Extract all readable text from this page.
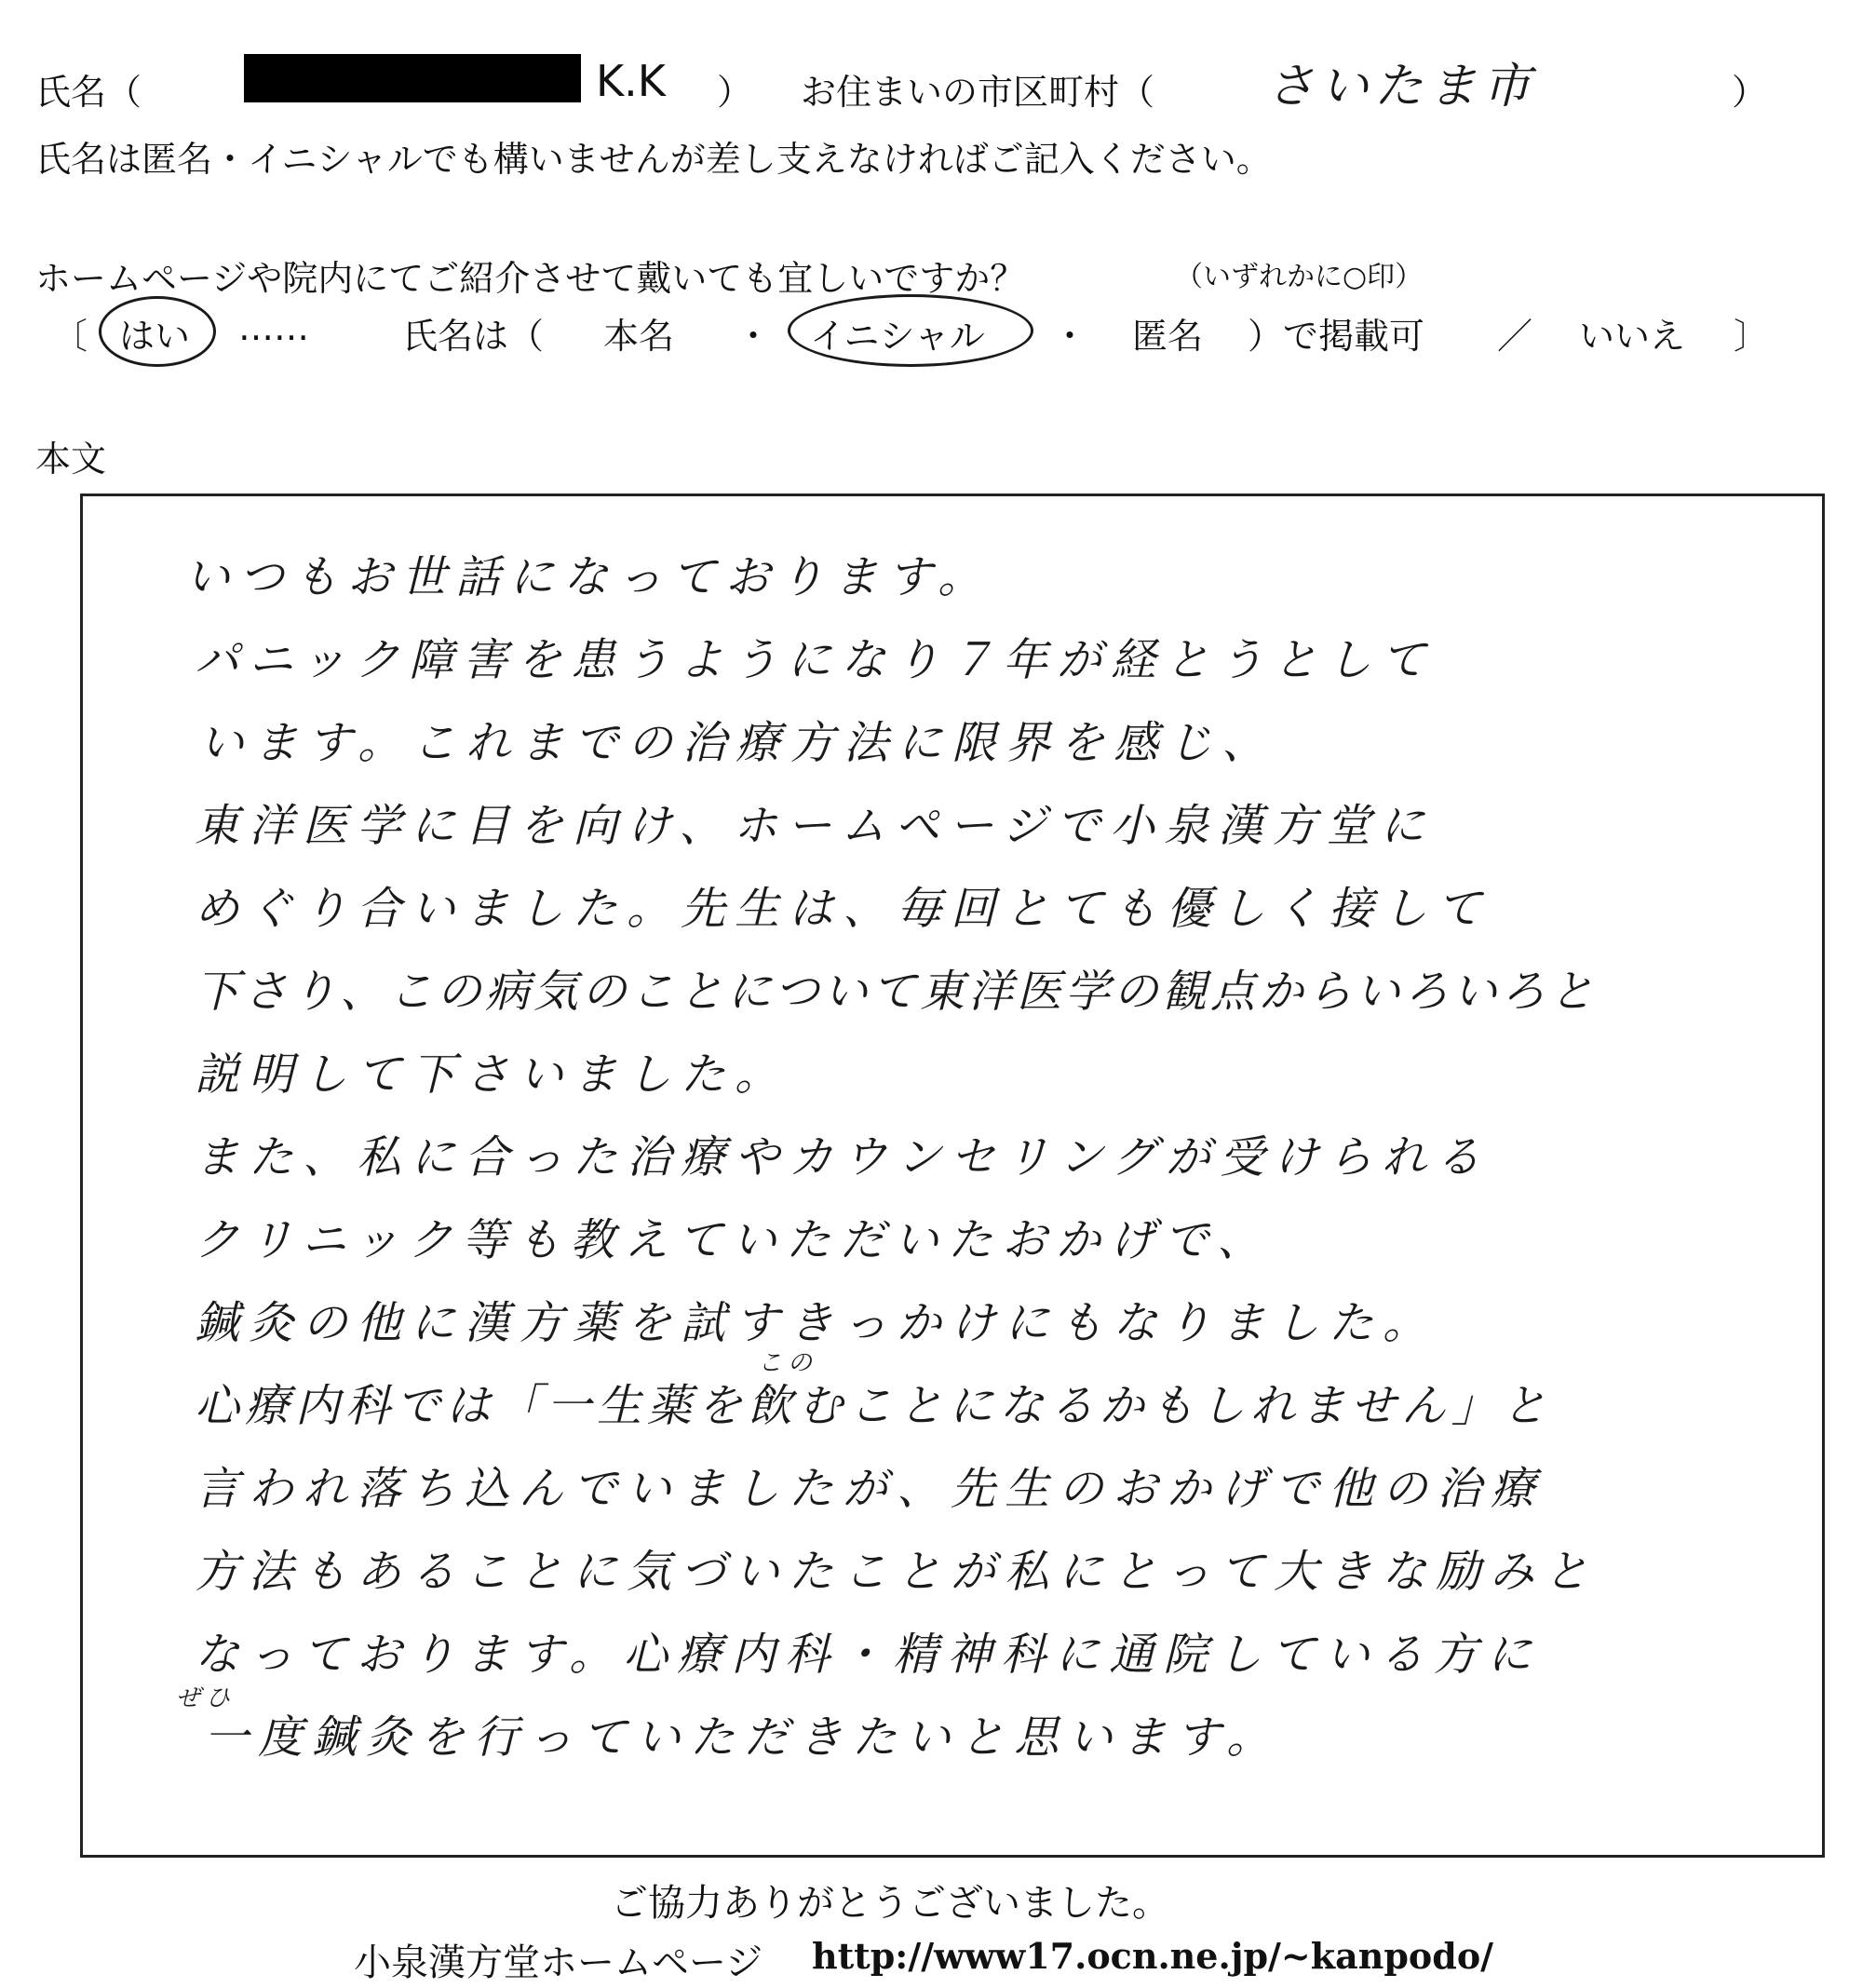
氏名（	K.K ） お住まいの市区町村（ さいたま市	）
氏名は匿名・イニシャルでも構いませんが差し支えなければご記入ください。
ホームページや院内にてご紹介させて戴いても宜しいですか？	（いずれかに○印）
〔 はい ……	氏名は（ 本名 ・ イニシャル ・ 匿名 ）で掲載可 ／ いいえ 〕
本文
いつもお世話になっております。
パニック障害を患うようになり７年が経とうとして
います。これまでの治療方法に限界を感じ、
東洋医学に目を向け、ホームページで小泉漢方堂に
めぐり合いました。先生は、毎回とても優しく接して
下さり、この病気のことについて東洋医学の観点からいろいろと
説明して下さいました。
また、私に合った治療やカウンセリングが受けられる
クリニック等も教えていただいたおかげで、
鍼灸の他に漢方薬を試すきっかけにもなりました。
この
心療内科では「一生薬を飲むことになるかもしれません」と
言われ落ち込んでいましたが、先生のおかげで他の治療
方法もあることに気づいたことが私にとって大きな励みと
なっております。心療内科・精神科に通院している方に
ぜひ
一度鍼灸を行っていただきたいと思います。
ご協力ありがとうございました。
小泉漢方堂ホームページ http://www17.ocn.ne.jp/~kanpodo/
